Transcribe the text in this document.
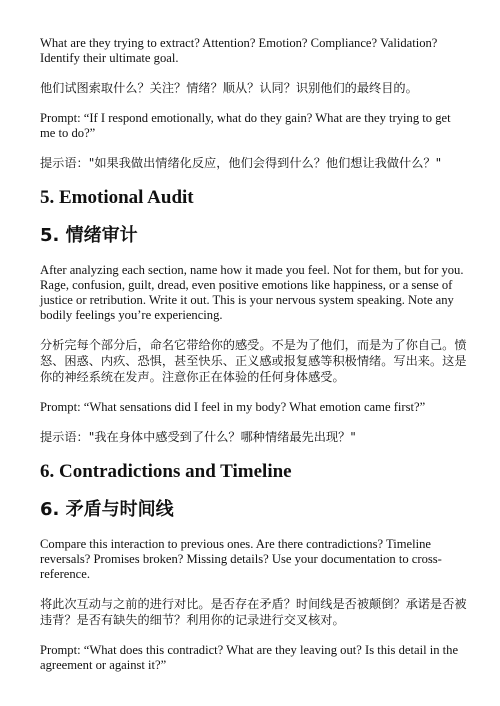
What are they trying to extract? Attention? Emotion? Compliance? Validation? Identify their ultimate goal.

他们试图索取什么？关注？情绪？顺从？认同？识别他们的最终目的。

Prompt: “If I respond emotionally, what do they gain? What are they trying to get me to do?”

提示语："如果我做出情绪化反应，他们会得到什么？他们想让我做什么？"

5. Emotional Audit
5. 情绪审计

After analyzing each section, name how it made you feel. Not for them, but for you. Rage, confusion, guilt, dread, even positive emotions like happiness, or a sense of justice or retribution. Write it out. This is your nervous system speaking. Note any bodily feelings you’re experiencing.

分析完每个部分后，命名它带给你的感受。不是为了他们，而是为了你自己。愤怒、困惑、内疚、恐惧，甚至快乐、正义感或报复感等积极情绪。写出来。这是你的神经系统在发声。注意你正在体验的任何身体感受。

Prompt: “What sensations did I feel in my body? What emotion came first?”

提示语："我在身体中感受到了什么？哪种情绪最先出现？"

6. Contradictions and Timeline
6. 矛盾与时间线

Compare this interaction to previous ones. Are there contradictions? Timeline reversals? Promises broken? Missing details? Use your documentation to cross-reference.

将此次互动与之前的进行对比。是否存在矛盾？时间线是否被颠倒？承诺是否被违背？是否有缺失的细节？利用你的记录进行交叉核对。

Prompt: “What does this contradict? What are they leaving out? Is this detail in the agreement or against it?”
